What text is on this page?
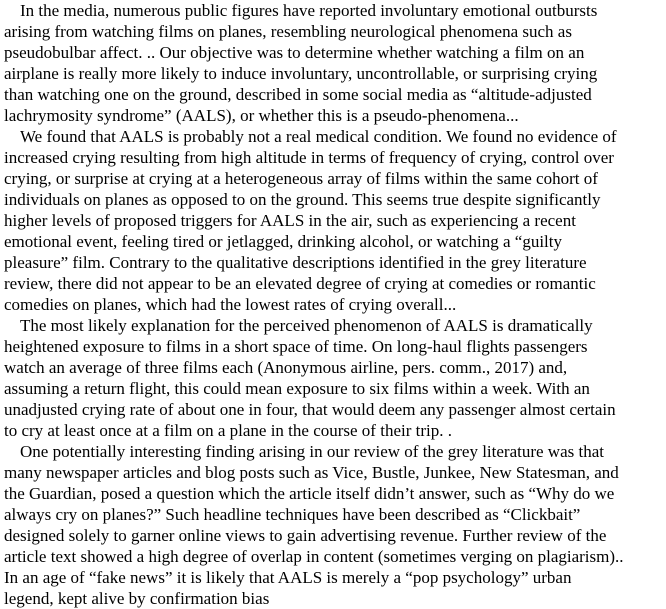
In the media, numerous public figures have reported involuntary emotional outbursts

arising from watching films on planes, resembling neurological phenomena such as

pseudobulbar affect. .. Our objective was to determine whether watching a film on an

airplane is really more likely to induce involuntary, uncontrollable, or surprising crying

than watching one on the ground, described in some social media as “altitude-adjusted

lachrymosity syndrome” (AALS), or whether this is a pseudo-phenomena...

We found that AALS is probably not a real medical condition. We found no evidence of

increased crying resulting from high altitude in terms of frequency of crying, control over

crying, or surprise at crying at a heterogeneous array of films within the same cohort of

individuals on planes as opposed to on the ground. This seems true despite significantly

higher levels of proposed triggers for AALS in the air, such as experiencing a recent

emotional event, feeling tired or jetlagged, drinking alcohol, or watching a “guilty

pleasure” film. Contrary to the qualitative descriptions identified in the grey literature

review, there did not appear to be an elevated degree of crying at comedies or romantic

comedies on planes, which had the lowest rates of crying overall...

The most likely explanation for the perceived phenomenon of AALS is dramatically

heightened exposure to films in a short space of time. On long-haul flights passengers

watch an average of three films each (Anonymous airline, pers. comm., 2017) and,

assuming a return flight, this could mean exposure to six films within a week. With an

unadjusted crying rate of about one in four, that would deem any passenger almost certain

to cry at least once at a film on a plane in the course of their trip. .

One potentially interesting finding arising in our review of the grey literature was that

many newspaper articles and blog posts such as Vice, Bustle, Junkee, New Statesman, and

the Guardian, posed a question which the article itself didn’t answer, such as “Why do we

always cry on planes?” Such headline techniques have been described as “Clickbait”

designed solely to garner online views to gain advertising revenue. Further review of the

article text showed a high degree of overlap in content (sometimes verging on plagiarism)..

In an age of “fake news” it is likely that AALS is merely a “pop psychology” urban

legend, kept alive by confirmation bias
